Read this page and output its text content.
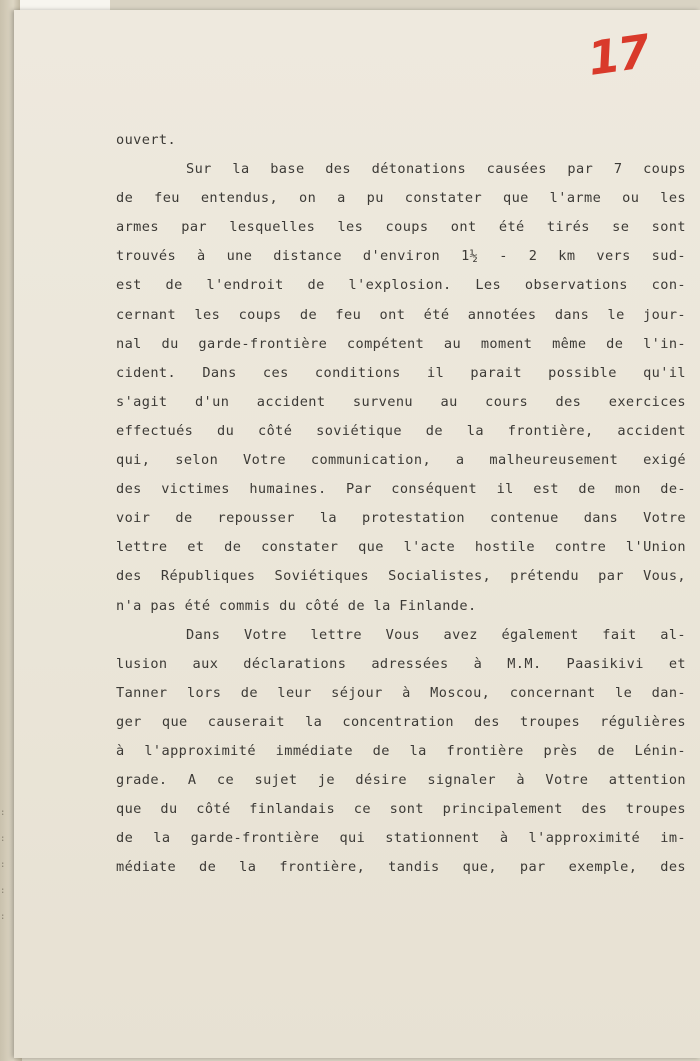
:
:
:
:
:
17
ouvert.
Sur la base des détonations causées par 7 coups
de feu entendus, on a pu constater que l'arme ou les
armes par lesquelles les coups ont été tirés se sont
trouvés à une distance d'environ 1½ - 2 km vers sud-
est de l'endroit de l'explosion. Les observations con-
cernant les coups de feu ont été annotées dans le jour-
nal du garde-frontière compétent au moment même de l'in-
cident. Dans ces conditions il parait possible qu'il
s'agit d'un accident survenu au cours des exercices
effectués du côté soviétique de la frontière, accident
qui, selon Votre communication, a malheureusement exigé
des victimes humaines. Par conséquent il est de mon de-
voir de repousser la protestation contenue dans Votre
lettre et de constater que l'acte hostile contre l'Union
des Républiques Soviétiques Socialistes, prétendu par Vous,
n'a pas été commis du côté de la Finlande.
Dans Votre lettre Vous avez également fait al-
lusion aux déclarations adressées à M.M. Paasikivi et
Tanner lors de leur séjour à Moscou, concernant le dan-
ger que causerait la concentration des troupes régulières
à l'approximité immédiate de la frontière près de Lénin-
grade. A ce sujet je désire signaler à Votre attention
que du côté finlandais ce sont principalement des troupes
de la garde-frontière qui stationnent à l'approximité im-
médiate de la frontière, tandis que, par exemple, des
